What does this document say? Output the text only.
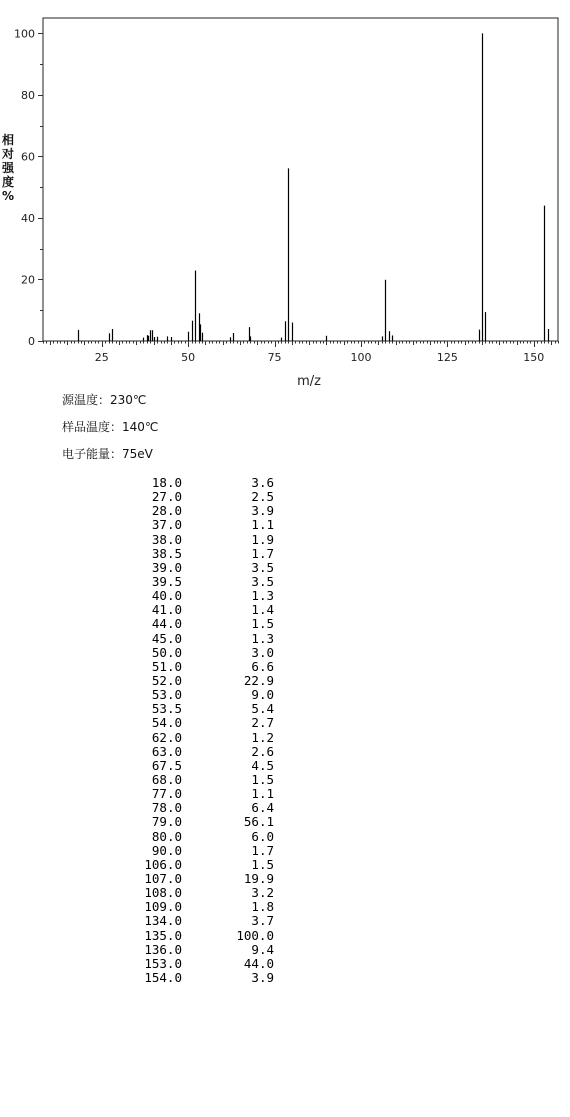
25	50	75	100	125	150
0
20
40
60
80
100
m/z
相
对
强
度
%
源温度：230℃
样品温度：140℃
电子能量：75eV
18.0	3.6
27.0	2.5
28.0	3.9
37.0	1.1
38.0	1.9
38.5	1.7
39.0	3.5
39.5	3.5
40.0	1.3
41.0	1.4
44.0	1.5
45.0	1.3
50.0	3.0
51.0	6.6
52.0	22.9
53.0	9.0
53.5	5.4
54.0	2.7
62.0	1.2
63.0	2.6
67.5	4.5
68.0	1.5
77.0	1.1
78.0	6.4
79.0	56.1
80.0	6.0
90.0	1.7
106.0	1.5
107.0	19.9
108.0	3.2
109.0	1.8
134.0	3.7
135.0	100.0
136.0	9.4
153.0	44.0
154.0	3.9
